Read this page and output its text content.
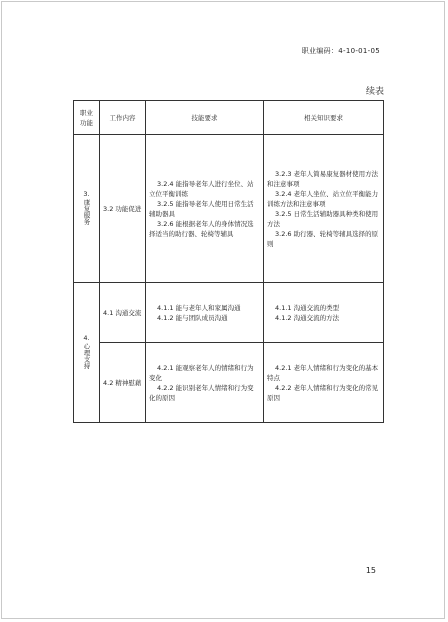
职业编码：4-10-01-05
续表
职业功能	工作内容	技能要求	相关知识要求

3.
康复服务	3.2 功能促进	3.2.4 能指导老年人进行坐位、站立位平衡训练
3.2.5 能指导老年人使用日常生活辅助器具
3.2.6 能根据老年人的身体情况选择适当的助行器、轮椅等辅具	3.2.3 老年人简易康复器材使用方法和注意事项
3.2.4 老年人坐位、站立位平衡能力训练方法和注意事项
3.2.5 日常生活辅助器具种类和使用方法
3.2.6 助行器、轮椅等辅具选择的原则

4.
心理支持	4.1 沟通交流	4.1.1 能与老年人和家属沟通
4.1.2 能与团队成员沟通	4.1.1 沟通交流的类型
4.1.2 沟通交流的方法

	4.2 精神慰藉	4.2.1 能观察老年人的情绪和行为变化
4.2.2 能识别老年人情绪和行为变化的原因	4.2.1 老年人情绪和行为变化的基本特点
4.2.2 老年人情绪和行为变化的常见原因
15
